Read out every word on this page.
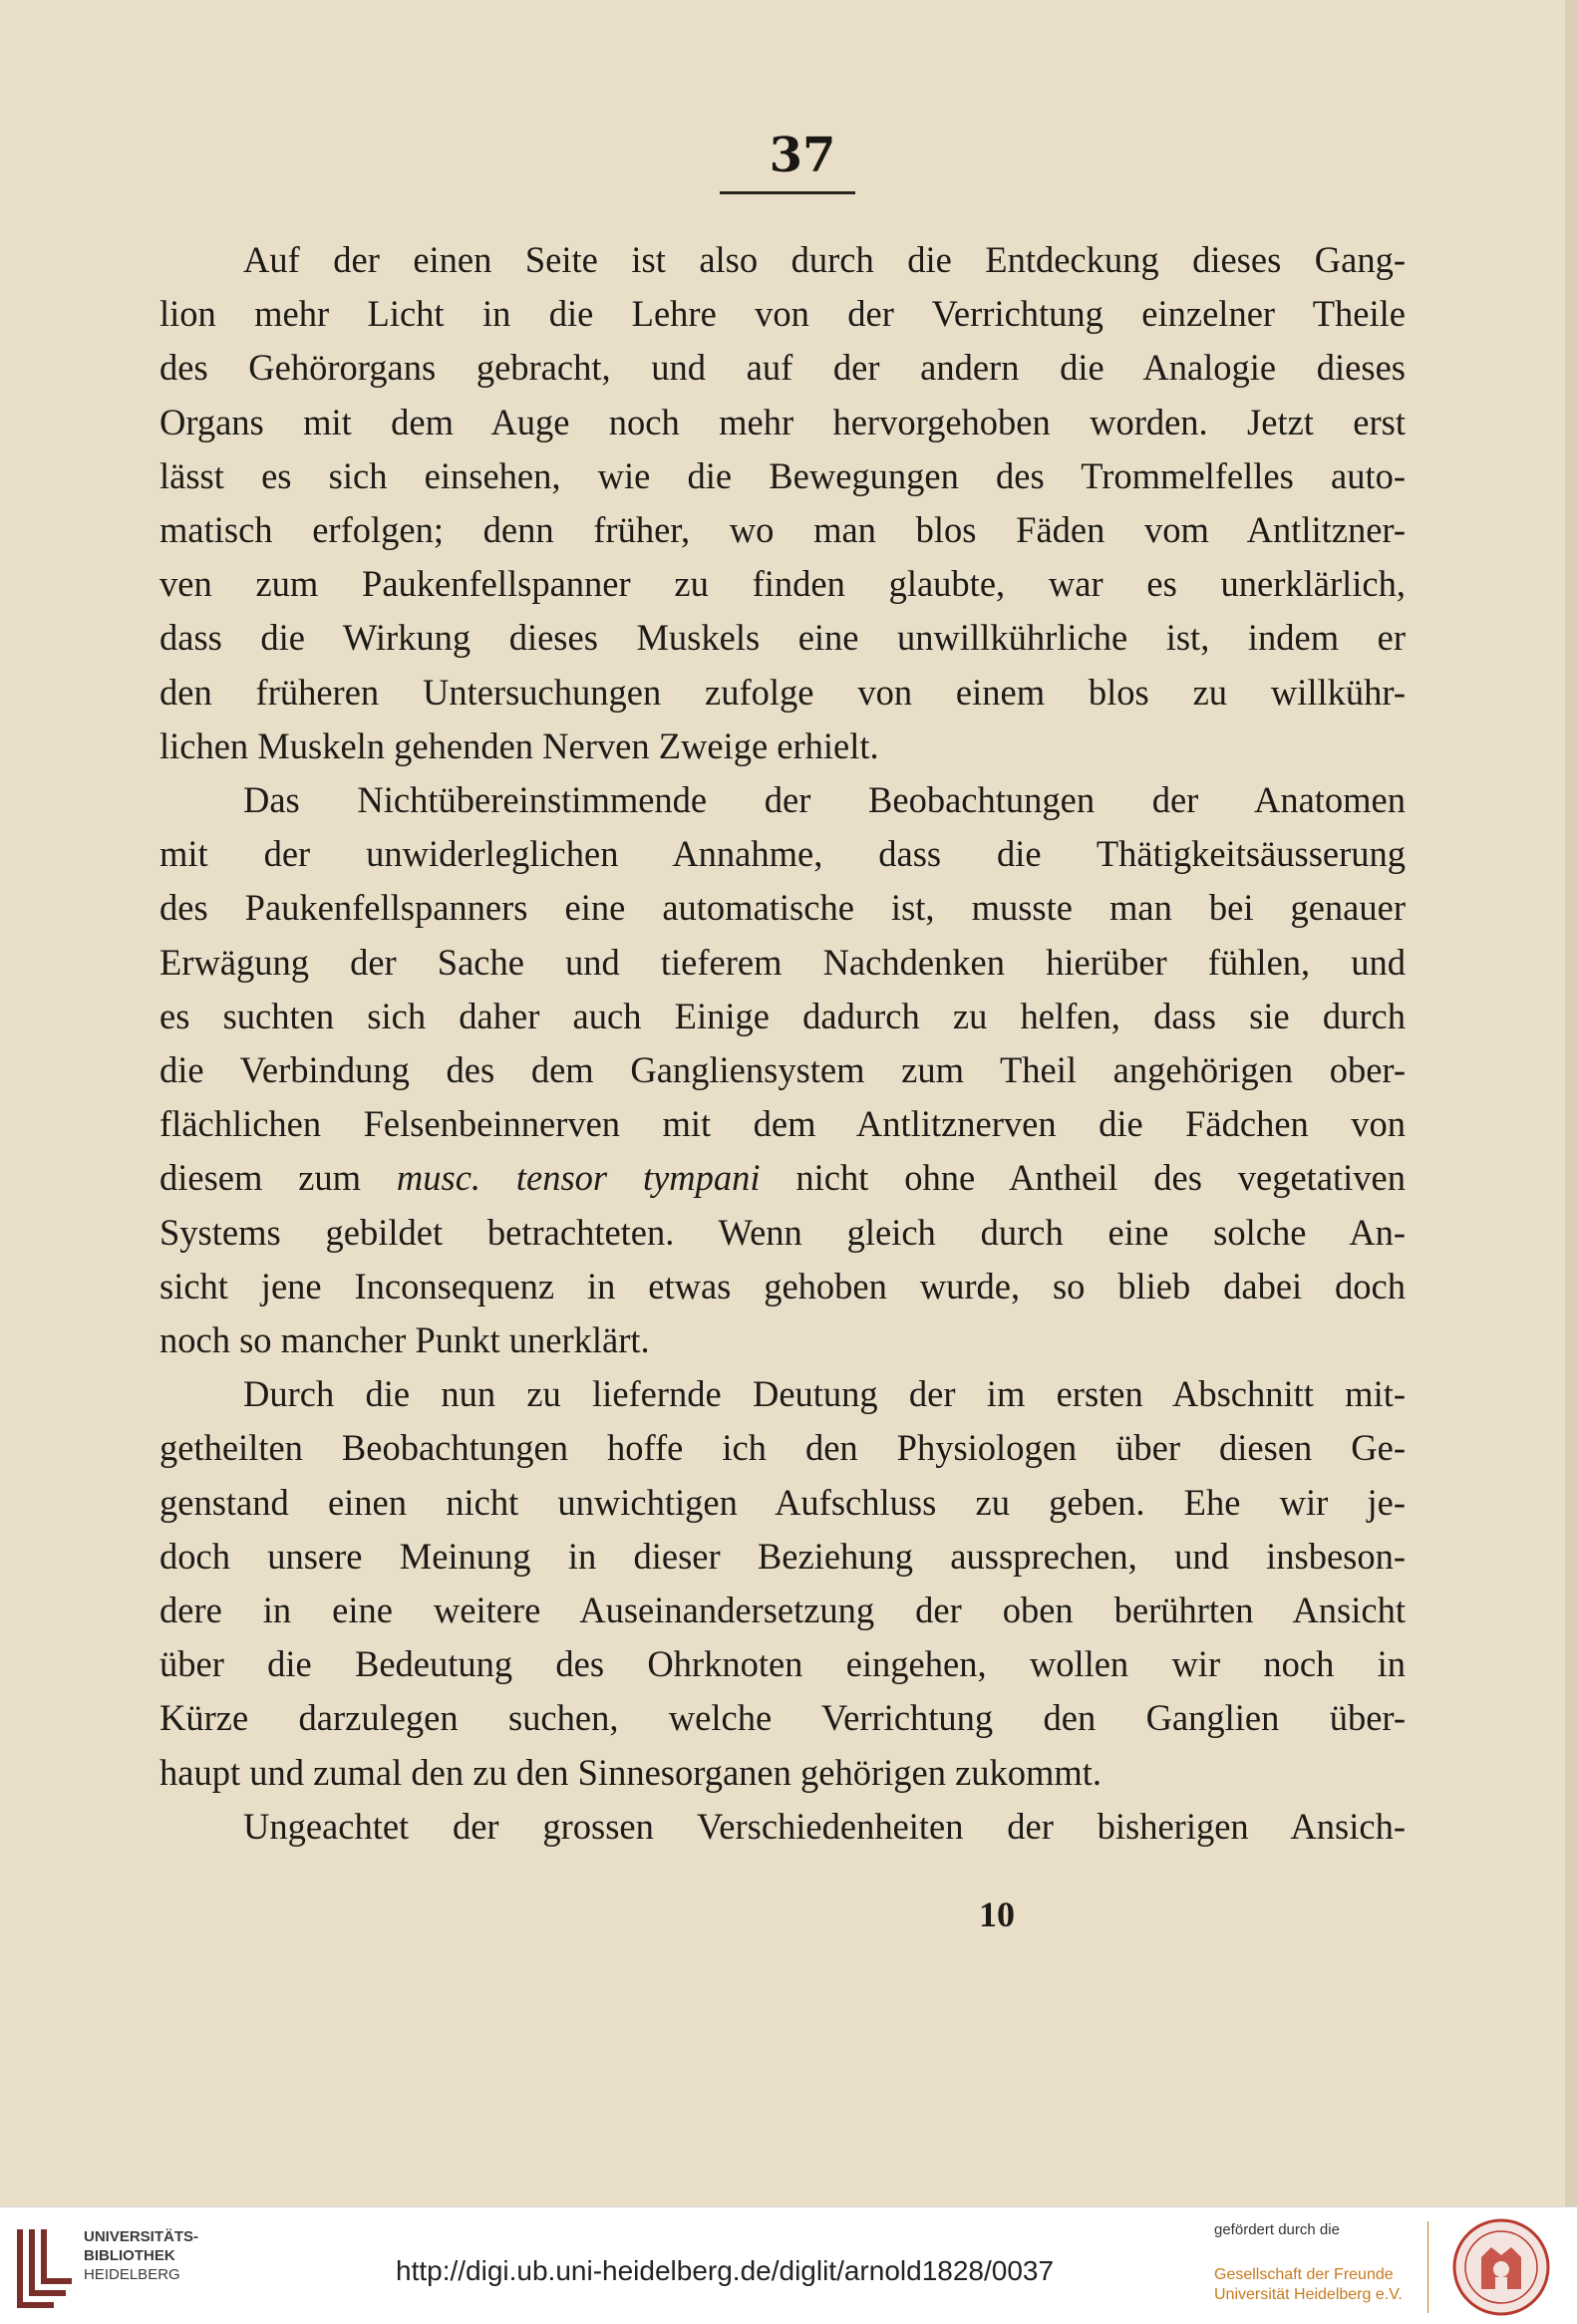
37

Auf der einen Seite ist also durch die Entdeckung dieses Gang-
lion mehr Licht in die Lehre von der Verrichtung einzelner Theile
des Gehörorgans gebracht, und auf der andern die Analogie dieses
Organs mit dem Auge noch mehr hervorgehoben worden. Jetzt erst
lässt es sich einsehen, wie die Bewegungen des Trommelfelles auto-
matisch erfolgen; denn früher, wo man blos Fäden vom Antlitzner-
ven zum Paukenfellspanner zu finden glaubte, war es unerklärlich,
dass die Wirkung dieses Muskels eine unwillkührliche ist, indem er
den früheren Untersuchungen zufolge von einem blos zu willkühr-
lichen Muskeln gehenden Nerven Zweige erhielt.

Das Nichtübereinstimmende der Beobachtungen der Anatomen
mit der unwiderleglichen Annahme, dass die Thätigkeitsäusserung
des Paukenfellspanners eine automatische ist, musste man bei genauer
Erwägung der Sache und tieferem Nachdenken hierüber fühlen, und
es suchten sich daher auch Einige dadurch zu helfen, dass sie durch
die Verbindung des dem Gangliensystem zum Theil angehörigen ober-
flächlichen Felsenbeinnerven mit dem Antlitznerven die Fädchen von
diesem zum musc. tensor tympani nicht ohne Antheil des vegetativen
Systems gebildet betrachteten. Wenn gleich durch eine solche An-
sicht jene Inconsequenz in etwas gehoben wurde, so blieb dabei doch
noch so mancher Punkt unerklärt.

Durch die nun zu liefernde Deutung der im ersten Abschnitt mit-
getheilten Beobachtungen hoffe ich den Physiologen über diesen Ge-
genstand einen nicht unwichtigen Aufschluss zu geben. Ehe wir je-
doch unsere Meinung in dieser Beziehung aussprechen, und insbeson-
dere in eine weitere Auseinandersetzung der oben berührten Ansicht
über die Bedeutung des Ohrknoten eingehen, wollen wir noch in
Kürze darzulegen suchen, welche Verrichtung den Ganglien über-
haupt und zumal den zu den Sinnesorganen gehörigen zukommt.

Ungeachtet der grossen Verschiedenheiten der bisherigen Ansich-

10
UNIVERSITÄTS-
BIBLIOTHEK
HEIDELBERG	http://digi.ub.uni-heidelberg.de/diglit/arnold1828/0037
gefördert durch die
Gesellschaft der Freunde
Universität Heidelberg e.V.
